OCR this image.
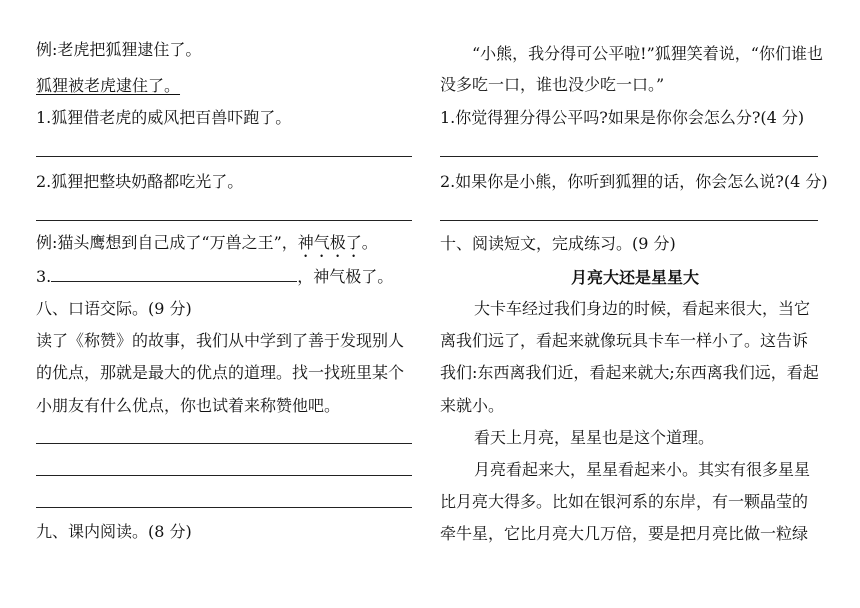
例:老虎把狐狸逮住了。
狐狸被老虎逮住了。
1.狐狸借老虎的威风把百兽吓跑了。
2.狐狸把整块奶酪都吃光了。
例:猫头鹰想到自己成了“万兽之王”，神气极了。
3.	，神气极了。
八、口语交际。(9 分)
读了《称赞》的故事，我们从中学到了善于发现别人
的优点，那就是最大的优点的道理。找一找班里某个
小朋友有什么优点，你也试着来称赞他吧。
九、课内阅读。(8 分)
“小熊，我分得可公平啦!”狐狸笑着说，“你们谁也
没多吃一口，谁也没少吃一口。”
1.你觉得狸分得公平吗?如果是你你会怎么分?(4 分)
2.如果你是小熊，你听到狐狸的话，你会怎么说?(4 分)
十、阅读短文，完成练习。(9 分)
月亮大还是星星大
大卡车经过我们身边的时候，看起来很大，当它
离我们远了，看起来就像玩具卡车一样小了。这告诉
我们:东西离我们近，看起来就大;东西离我们远，看起
来就小。
看天上月亮，星星也是这个道理。
月亮看起来大，星星看起来小。其实有很多星星
比月亮大得多。比如在银河系的东岸，有一颗晶莹的
牵牛星，它比月亮大几万倍，要是把月亮比做一粒绿
